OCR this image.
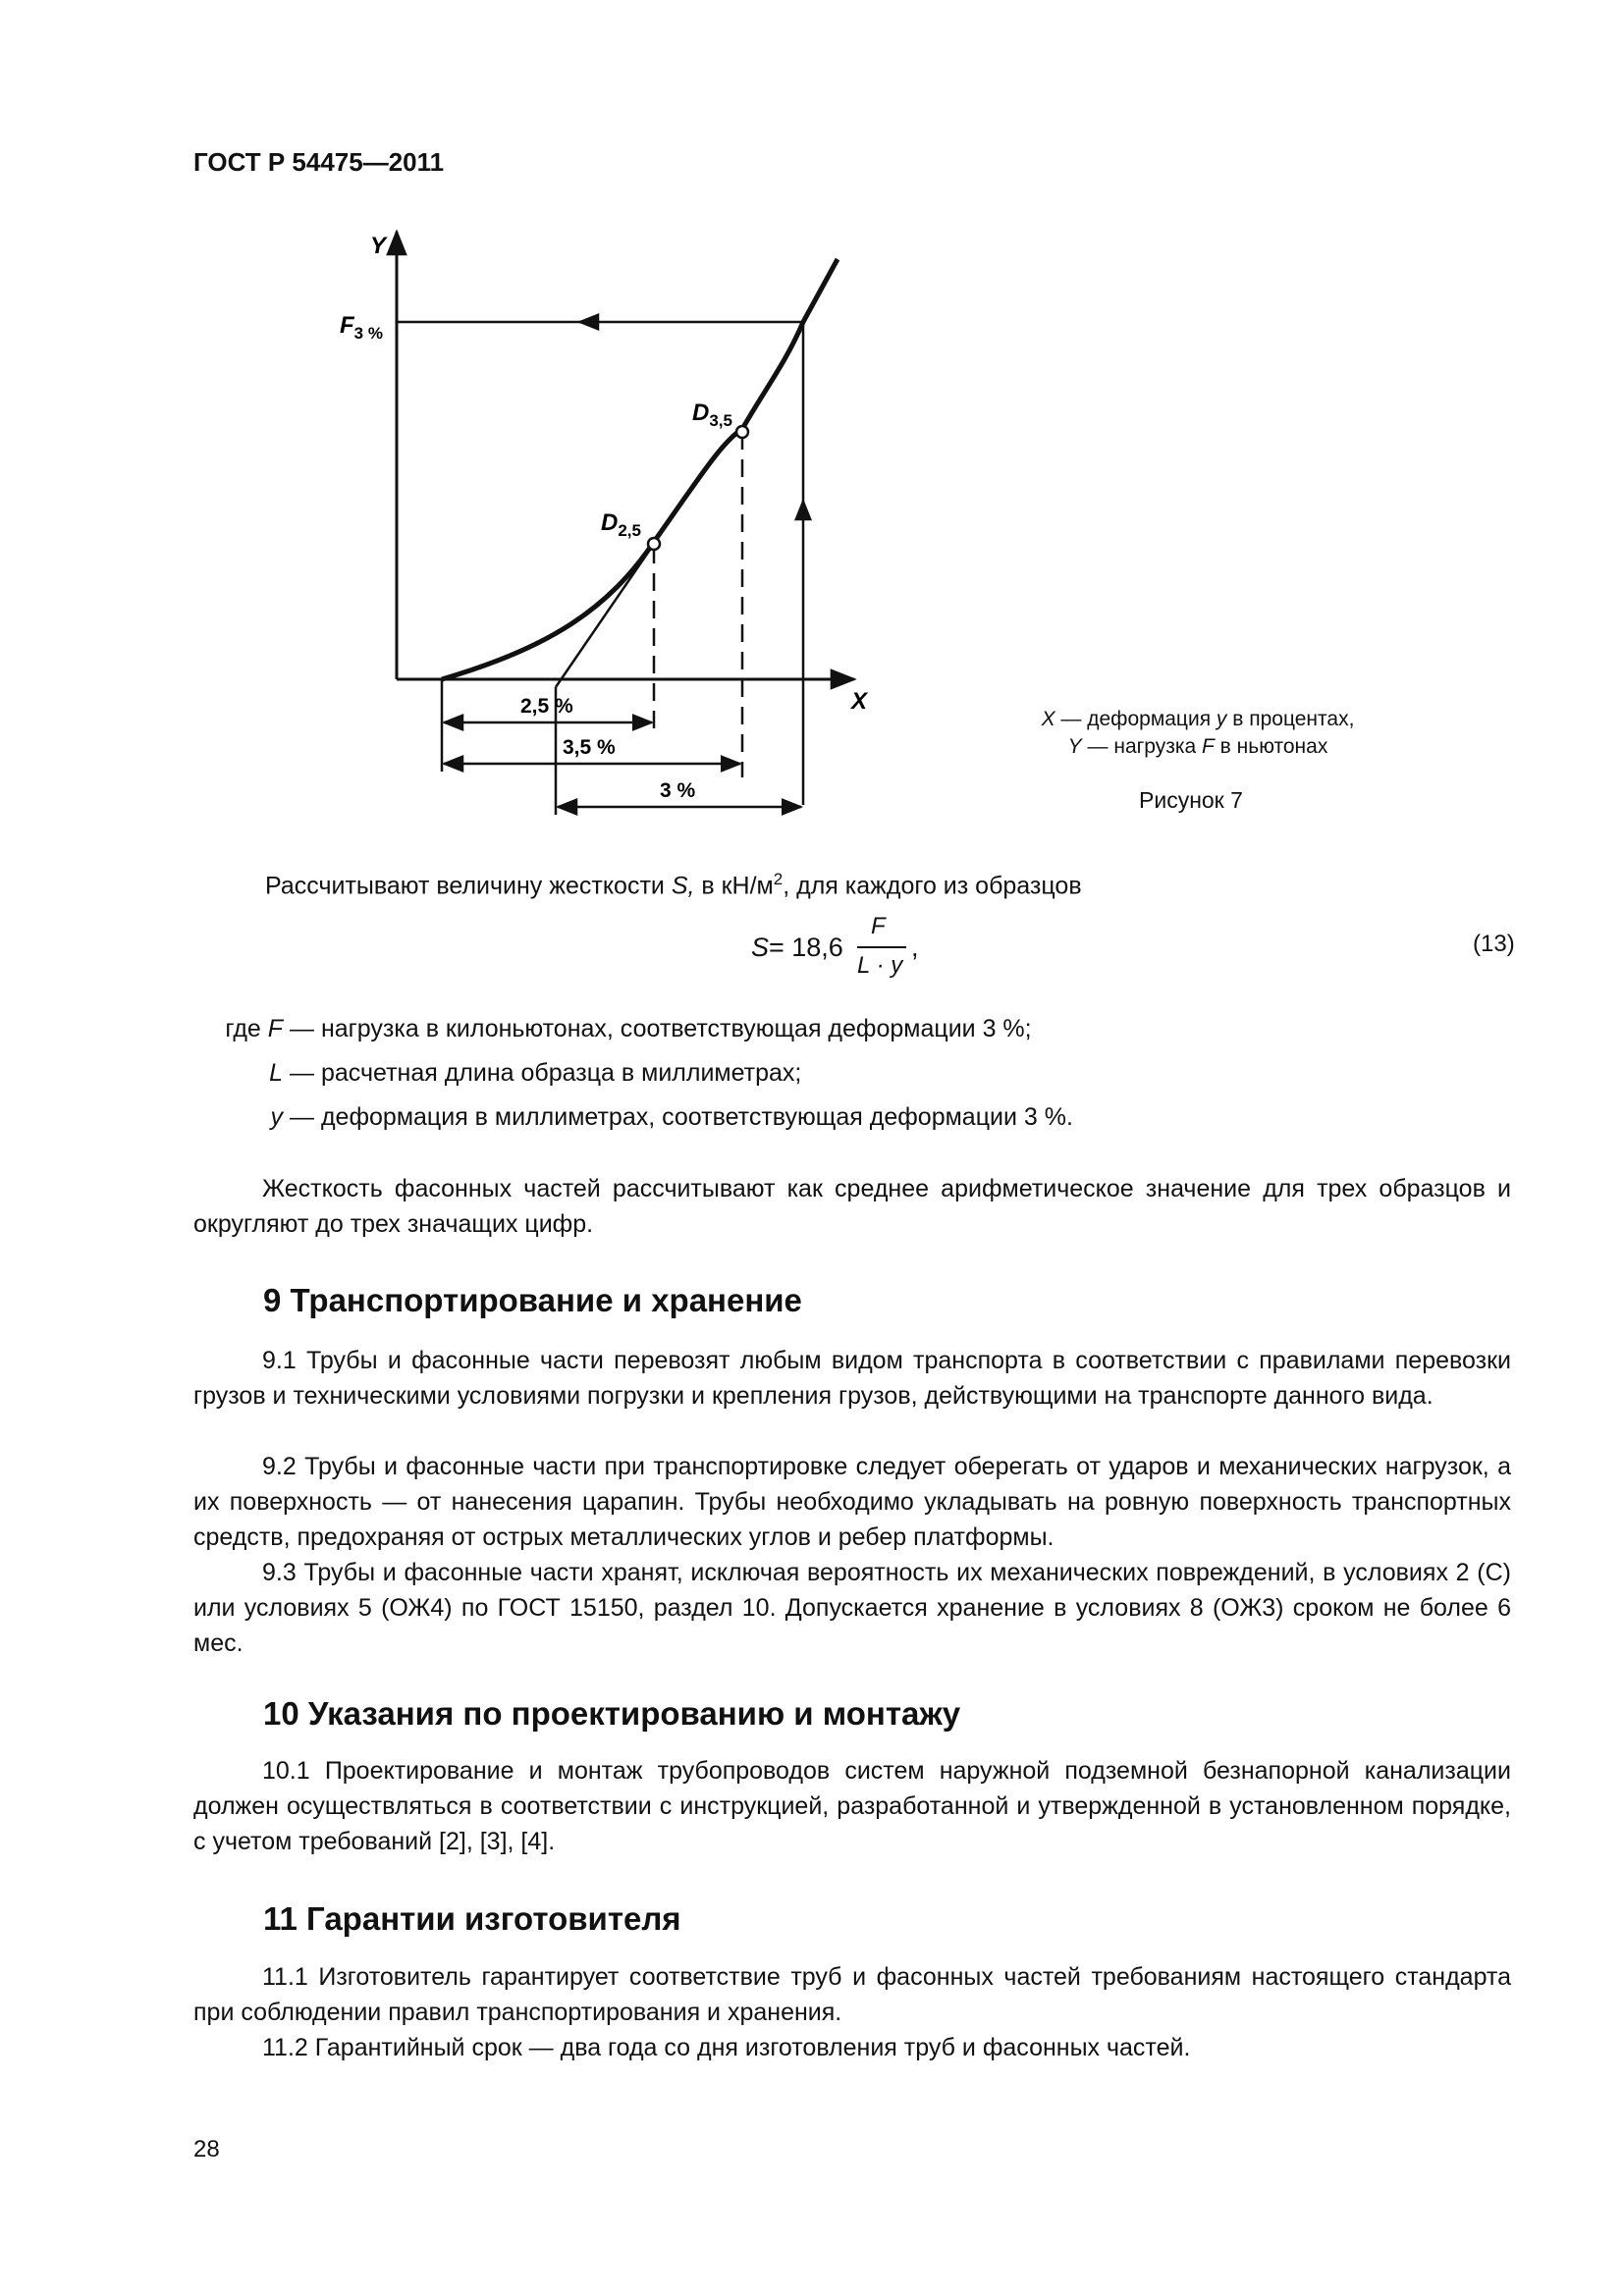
ГОСТ Р 54475—2011
Y
X
$F_{3 \%}$
$D_{3,5}$
$D_{2,5}$
2,5 %
3,5 %
3 %
X — деформация y в процентах,
Y — нагрузка F в ньютонах
Рисунок 7
Рассчитывают величину жесткости S, в $кН/м^2$, для каждого из образцов
S = 18,6
F
L · y
,	(13)
где F — нагрузка в килоньютонах, соответствующая деформации 3 %;
L — расчетная длина образца в миллиметрах;
y — деформация в миллиметрах, соответствующая деформации 3 %.
Жесткость фасонных частей рассчитывают как среднее арифметическое значение для трех образцов и округляют до трех значащих цифр.
9 Транспортирование и хранение
9.1 Трубы и фасонные части перевозят любым видом транспорта в соответствии с правилами перевозки грузов и техническими условиями погрузки и крепления грузов, действующими на транспорте данного вида.
9.2 Трубы и фасонные части при транспортировке следует оберегать от ударов и механических нагрузок, а их поверхность — от нанесения царапин. Трубы необходимо укладывать на ровную поверхность транспортных средств, предохраняя от острых металлических углов и ребер платформы.
9.3 Трубы и фасонные части хранят, исключая вероятность их механических повреждений, в условиях 2 (С) или условиях 5 (ОЖ4) по ГОСТ 15150, раздел 10. Допускается хранение в условиях 8 (ОЖ3) сроком не более 6 мес.
10 Указания по проектированию и монтажу
10.1 Проектирование и монтаж трубопроводов систем наружной подземной безнапорной канализации должен осуществляться в соответствии с инструкцией, разработанной и утвержденной в установленном порядке, с учетом требований [2], [3], [4].
11 Гарантии изготовителя
11.1 Изготовитель гарантирует соответствие труб и фасонных частей требованиям настоящего стандарта при соблюдении правил транспортирования и хранения.
11.2 Гарантийный срок — два года со дня изготовления труб и фасонных частей.
28
